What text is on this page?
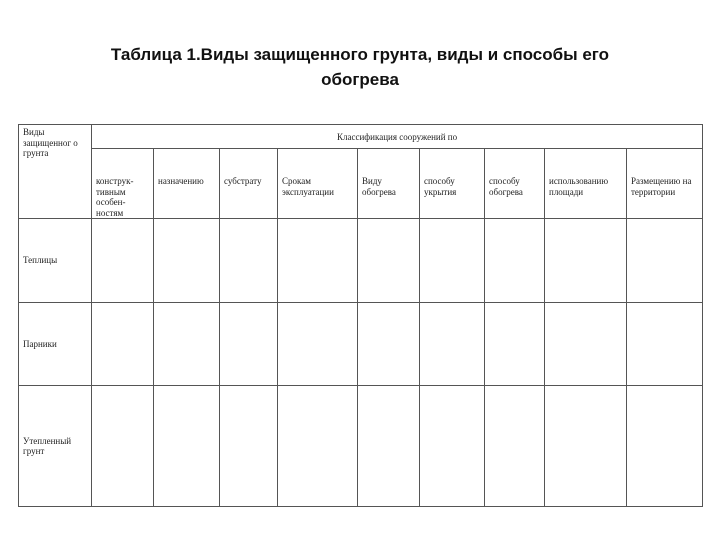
Таблица 1.Виды защищенного грунта, виды и способы его
обогрева
Виды защищенног о грунта	Классификация сооружений по								
	конструк-тивным особен-ностям	назначению	субстрату	Срокам эксплуатации	Виду обогрева	способу укрытия	способу обогрева	использованию площади	Размещению на территории
Теплицы									
Парники									
Утепленный грунт									
